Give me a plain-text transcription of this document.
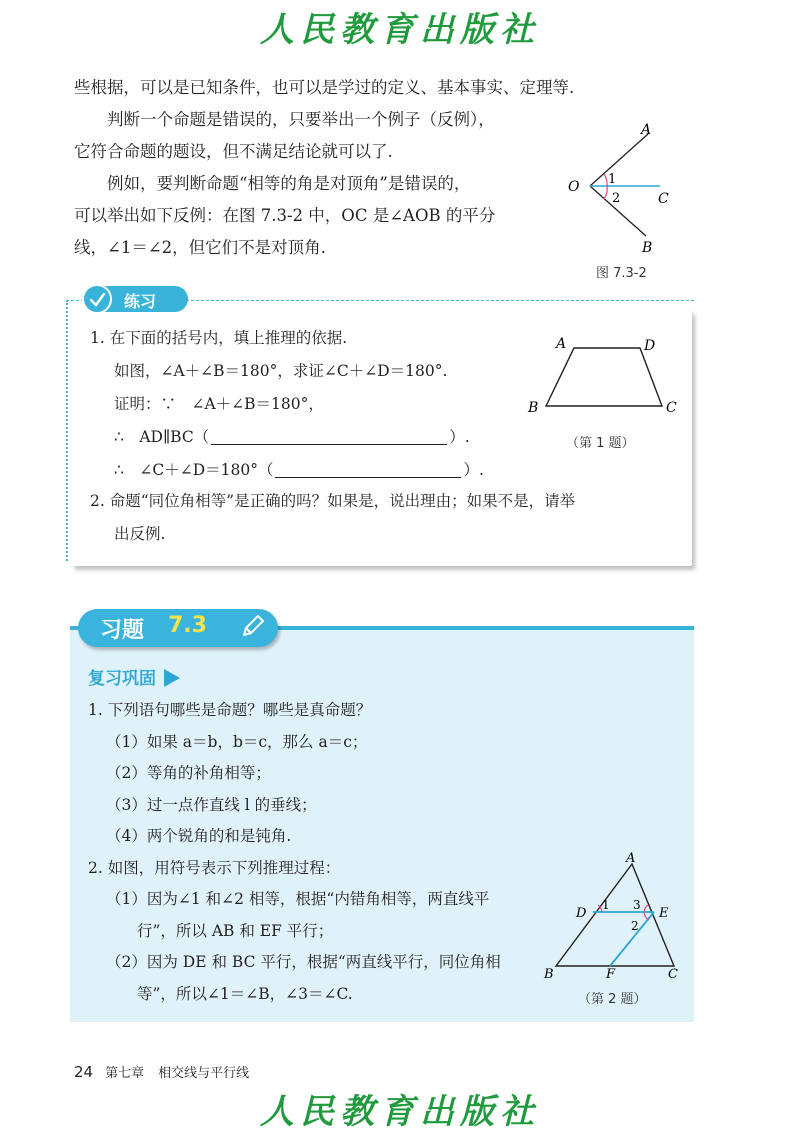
人民教育出版社
些根据，可以是已知条件，也可以是学过的定义、基本事实、定理等.
　　判断一个命题是错误的，只要举出一个例子（反例），
它符合命题的题设，但不满足结论就可以了.
　　例如，要判断命题“相等的角是对顶角”是错误的，
可以举出如下反例：在图 7.3-2 中，OC 是∠AOB 的平分
线，∠1＝∠2，但它们不是对顶角.
A
O
C
B
1
2
图 7.3-2
练习
1. 在下面的括号内，填上推理的依据.
如图，∠A＋∠B＝180°，求证∠C＋∠D＝180°.
证明：∵　∠A＋∠B＝180°，
∴　AD∥BC（	）.
∴　∠C＋∠D＝180°（	）.
2. 命题“同位角相等”是正确的吗？如果是，说出理由；如果不是，请举
出反例.
A	D
B	C
（第 1 题）
习题 7.3
复习巩固
1. 下列语句哪些是命题？哪些是真命题？
（1）如果 a＝b，b＝c，那么 a＝c；
（2）等角的补角相等；
（3）过一点作直线 l 的垂线；
（4）两个锐角的和是钝角.
2. 如图，用符号表示下列推理过程：
（1）因为∠1 和∠2 相等，根据“内错角相等，两直线平
　　行”，所以 AB 和 EF 平行；
（2）因为 DE 和 BC 平行，根据“两直线平行，同位角相
　　等”，所以∠1＝∠B，∠3＝∠C.
A
D	E
B	F	C
1
2
3
（第 2 题）
24 第七章 相交线与平行线
人民教育出版社
